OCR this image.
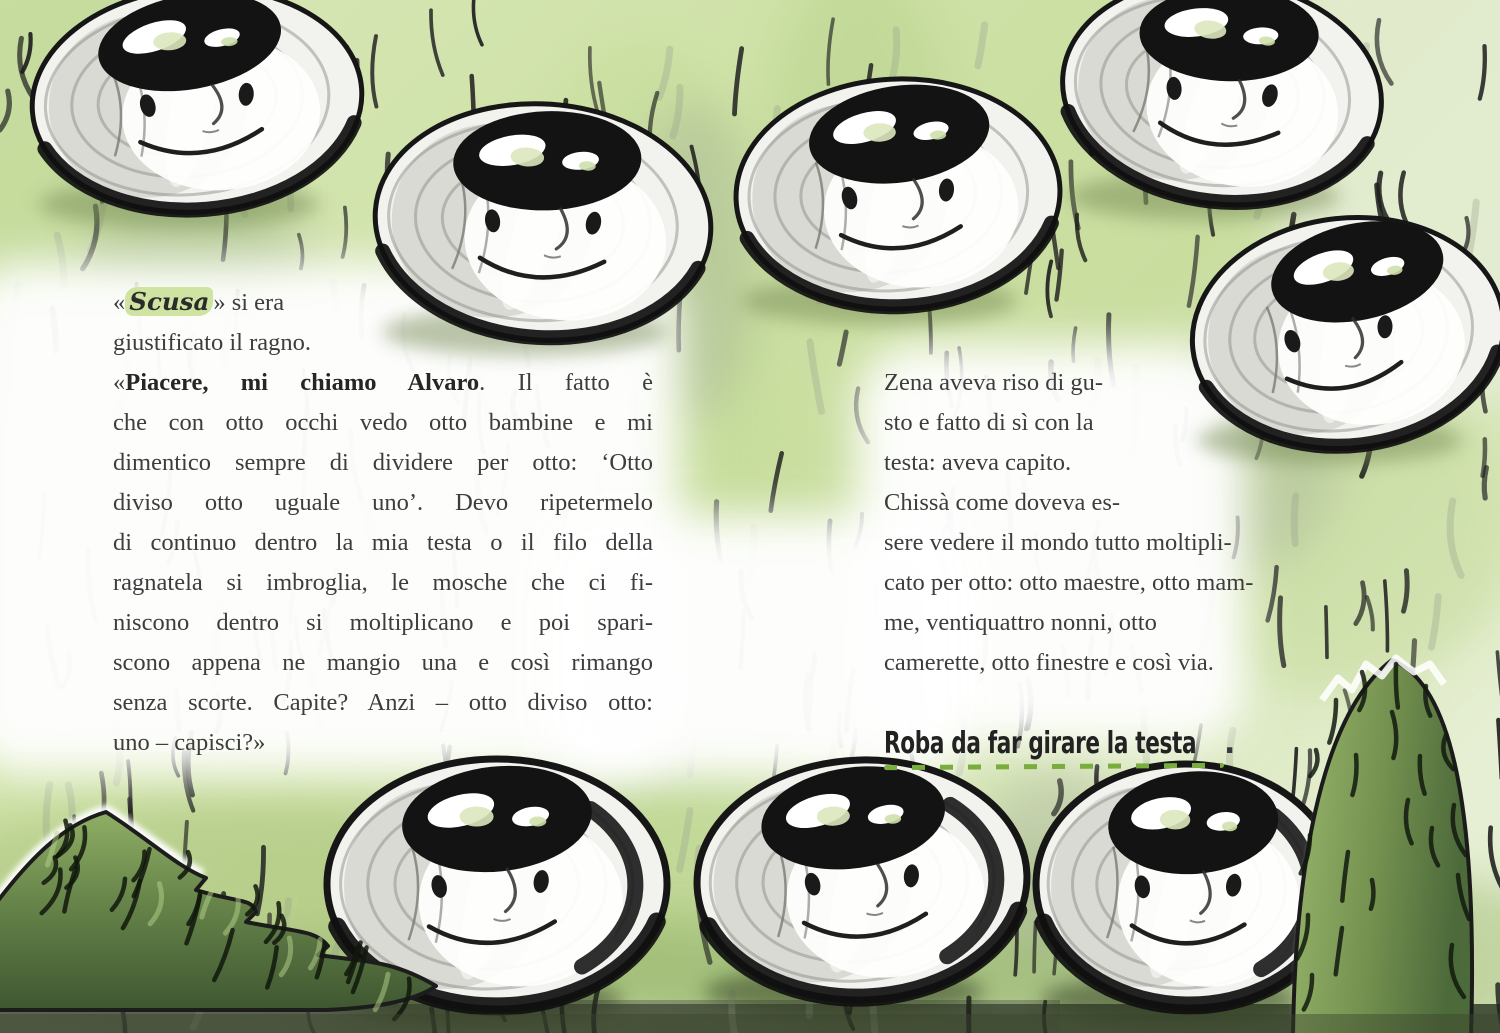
« Scusa » si era
giustificato il ragno.
«Piacere, mi chiamo Alvaro. Il fatto è
che con otto occhi vedo otto bambine e mi
dimentico sempre di dividere per otto: ‘Otto
diviso otto uguale uno’. Devo ripetermelo
di continuo dentro la mia testa o il filo della
ragnatela si imbroglia, le mosche che ci fi-
niscono dentro si moltiplicano e poi spari-
scono appena ne mangio una e così rimango
senza scorte. Capite? Anzi – otto diviso otto:
uno – capisci?»
Zena aveva riso di gu-
sto e fatto di sì con la
testa: aveva capito.
Chissà come doveva es-
sere vedere il mondo tutto moltipli-
cato per otto: otto maestre, otto mam-
me, ventiquattro nonni, otto
camerette, otto finestre e così via.

Roba da far girare la testa .
